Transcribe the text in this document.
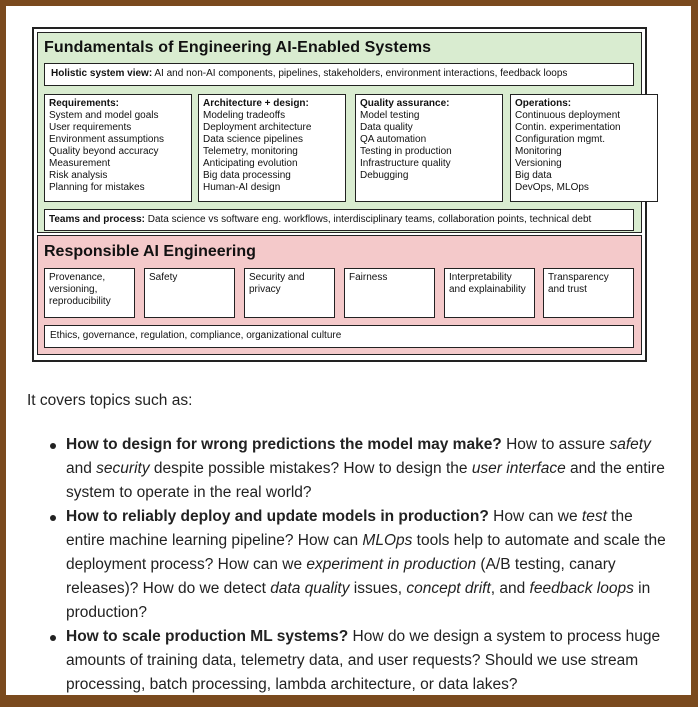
Fundamentals of Engineering AI-Enabled Systems
Holistic system view: AI and non-AI components, pipelines, stakeholders, environment interactions, feedback loops
Requirements:
System and model goals
User requirements
Environment assumptions
Quality beyond accuracy
Measurement
Risk analysis
Planning for mistakes
Architecture + design:
Modeling tradeoffs
Deployment architecture
Data science pipelines
Telemetry, monitoring
Anticipating evolution
Big data processing
Human-AI design
Quality assurance:
Model testing
Data quality
QA automation
Testing in production
Infrastructure quality
Debugging
Operations:
Continuous deployment
Contin. experimentation
Configuration mgmt.
Monitoring
Versioning
Big data
DevOps, MLOps
Teams and process: Data science vs software eng. workflows, interdisciplinary teams, collaboration points, technical debt
Responsible AI Engineering
Provenance,
versioning,
reproducibility
Safety	Security and
privacy
Fairness	Interpretability
and explainability
Transparency
and trust
Ethics, governance, regulation, compliance, organizational culture
It covers topics such as:
How to design for wrong predictions the model may make? How to assure safety and security despite possible mistakes? How to design the user interface and the entire system to operate in the real world?
How to reliably deploy and update models in production? How can we test the entire machine learning pipeline? How can MLOps tools help to automate and scale the deployment process? How can we experiment in production (A/B testing, canary releases)? How do we detect data quality issues, concept drift, and feedback loops in production?
How to scale production ML systems? How do we design a system to process huge amounts of training data, telemetry data, and user requests? Should we use stream processing, batch processing, lambda architecture, or data lakes?
